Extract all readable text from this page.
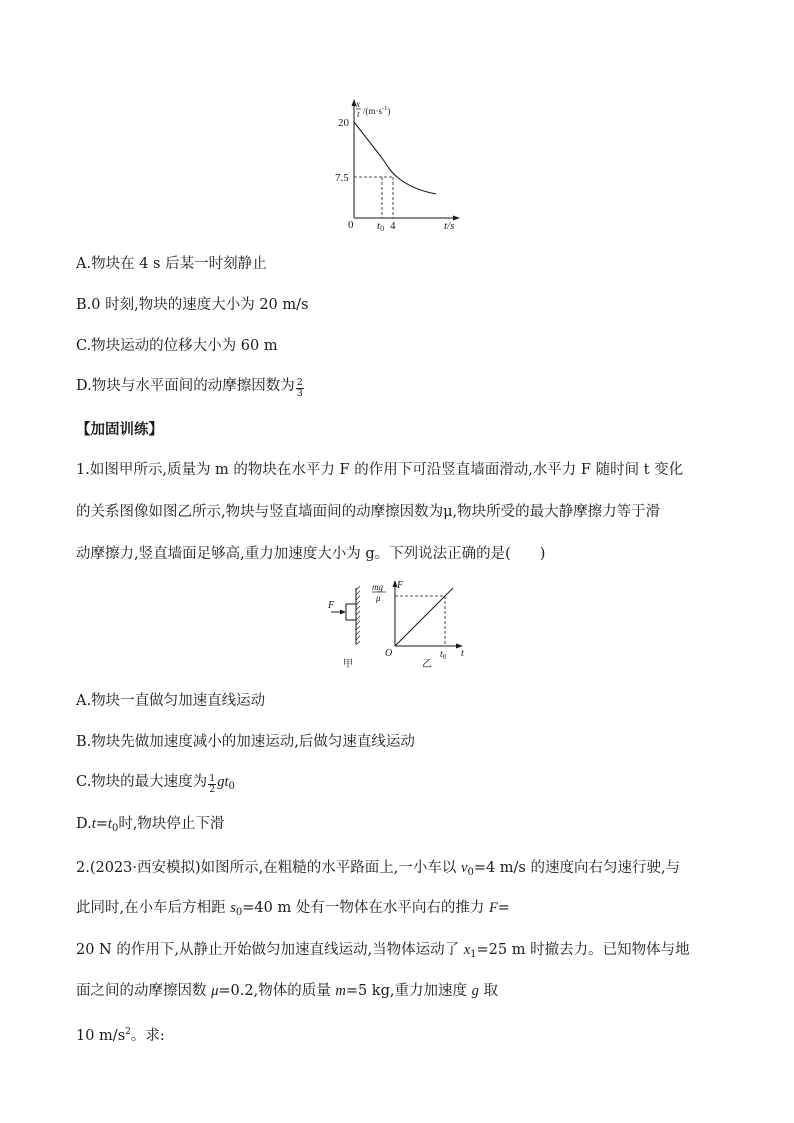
20
7.5
0 t0 4	t/s
x
t $/(m\cdot s^{-1})$
A.物块在 4 s 后某一时刻静止
B.0 时刻,物块的速度大小为 20 m/s
C.物块运动的位移大小为 60 m
D.物块与水平面间的动摩擦因数为 $\frac{2}{3}$
【加固训练】
1.如图甲所示,质量为 m 的物块在水平力 F 的作用下可沿竖直墙面滑动,水平力 F 随时间 t 变化
的关系图像如图乙所示,物块与竖直墙面间的动摩擦因数为μ,物块所受的最大静摩擦力等于滑
动摩擦力,竖直墙面足够高,重力加速度大小为 g。下列说法正确的是(　　)
F
甲
F
mg
μ
O	$t_0$ t
乙
A.物块一直做匀加速直线运动
B.物块先做加速度减小的加速运动,后做匀速直线运动
C.物块的最大速度为 $\frac{1}{2} gt_0$
$D.t=t_0$时,物块停止下滑
2.(2023·西安模拟)如图所示,在粗糙的水平路面上,一小车以 $v_0=4$ m/s 的速度向右匀速行驶,与
此同时,在小车后方相距 $s_0=40$ m 处有一物体在水平向右的推力 F=
20 N 的作用下,从静止开始做匀加速直线运动,当物体运动了 $x_1=25$ m 时撤去力。已知物体与地
面之间的动摩擦因数 μ=0.2,物体的质量 m=5 kg,重力加速度 g 取
10 $m/s^2$。求:
